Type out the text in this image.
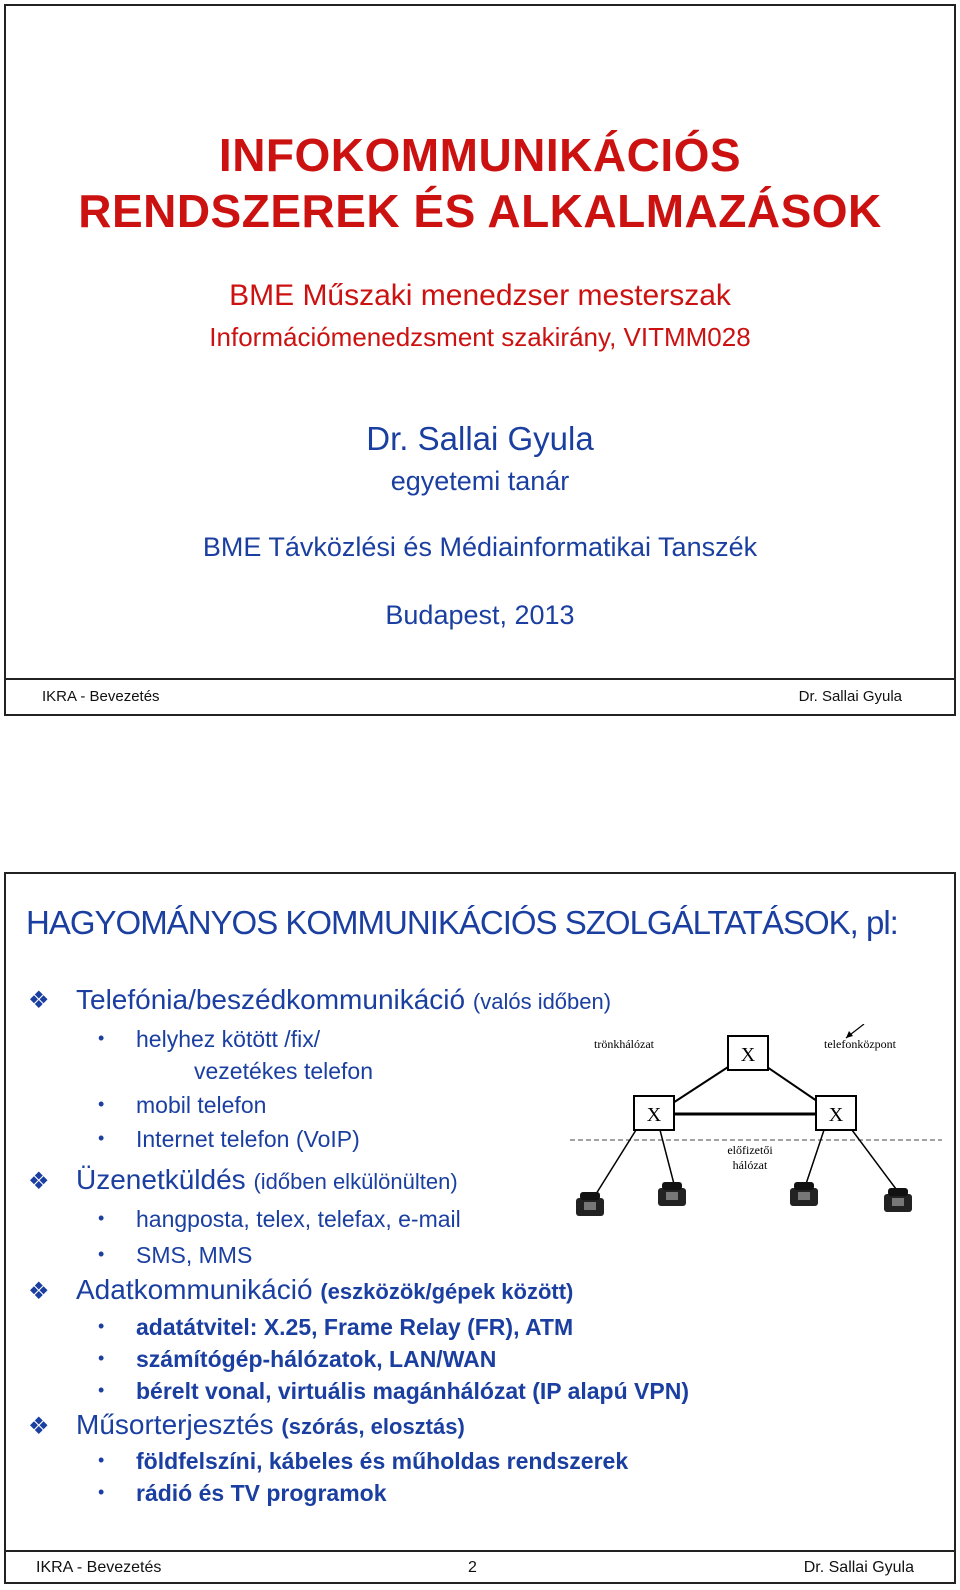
INFOKOMMUNIKÁCIÓS
RENDSZEREK ÉS ALKALMAZÁSOK
BME Műszaki menedzser mesterszak
Információmenedzsment szakirány, VITMM028
Dr. Sallai Gyula
egyetemi tanár
BME Távközlési és Médiainformatikai Tanszék
Budapest, 2013
IKRA - Bevezetés	Dr. Sallai Gyula
HAGYOMÁNYOS KOMMUNIKÁCIÓS SZOLGÁLTATÁSOK, pl:
❖ Telefónia/beszédkommunikáció (valós időben)
• helyhez kötött /fix/
vezetékes telefon
• mobil telefon
• Internet telefon (VoIP)
❖ Üzenetküldés (időben elkülönülten)
• hangposta, telex, telefax, e-mail
• SMS, MMS
❖ Adatkommunikáció (eszközök/gépek között)
• adatátvitel: X.25, Frame Relay (FR), ATM
• számítógép-hálózatok, LAN/WAN
• bérelt vonal, virtuális magánhálózat (IP alapú VPN)
❖ Műsorterjesztés (szórás, elosztás)
• földfelszíni, kábeles és műholdas rendszerek
• rádió és TV programok
X
X	X
trönkhálózat	telefonközpont
előfizetői
hálózat
IKRA - Bevezetés	2	Dr. Sallai Gyula
